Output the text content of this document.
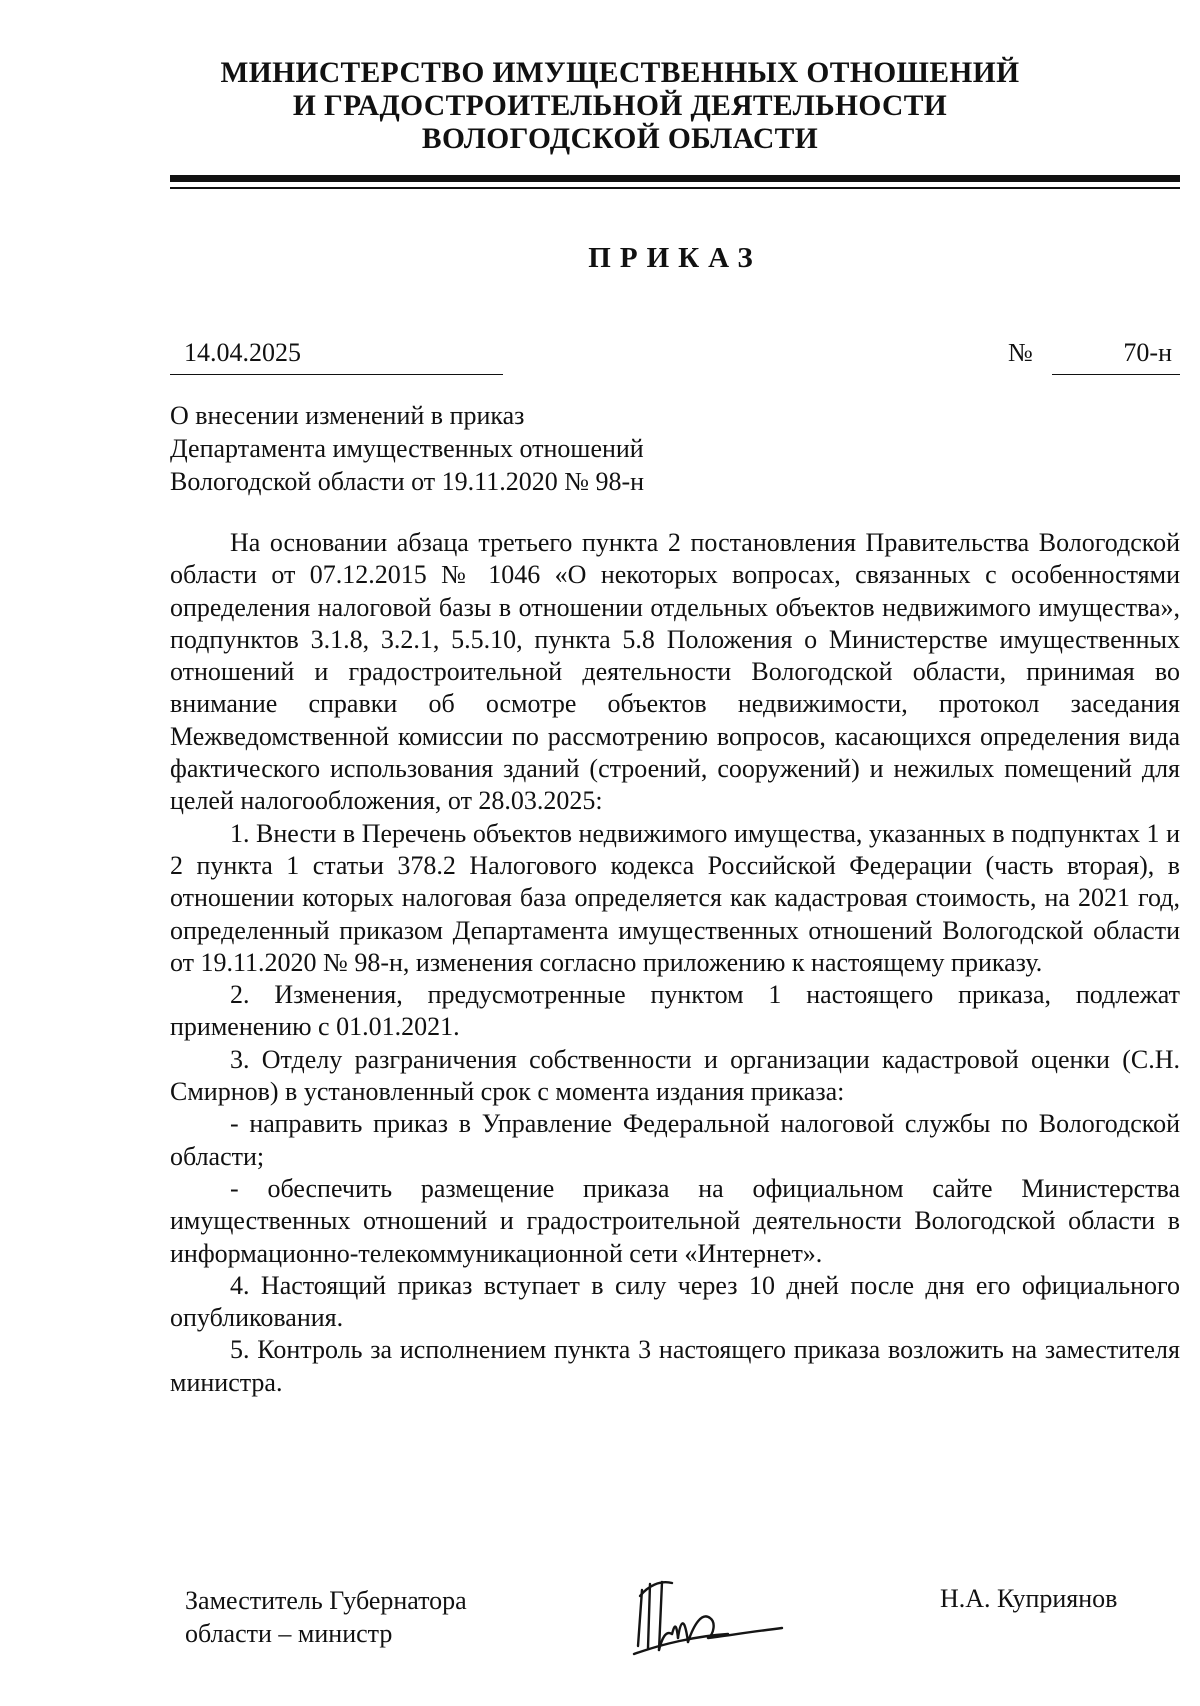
МИНИСТЕРСТВО ИМУЩЕСТВЕННЫХ ОТНОШЕНИЙ
И ГРАДОСТРОИТЕЛЬНОЙ ДЕЯТЕЛЬНОСТИ
ВОЛОГОДСКОЙ ОБЛАСТИ
ПРИКАЗ
14.04.2025	№	70-н
О внесении изменений в приказ
Департамента имущественных отношений
Вологодской области от 19.11.2020 № 98-н

На основании абзаца третьего пункта 2 постановления Правительства Вологодской области от 07.12.2015 № 1046 «О некоторых вопросах, связанных с особенностями определения налоговой базы в отношении отдельных объектов недвижимого имущества», подпунктов 3.1.8, 3.2.1, 5.5.10, пункта 5.8 Положения о Министерстве имущественных отношений и градостроительной деятельности Вологодской области, принимая во внимание справки об осмотре объектов недвижимости, протокол заседания Межведомственной комиссии по рассмотрению вопросов, касающихся определения вида фактического использования зданий (строений, сооружений) и нежилых помещений для целей налогообложения, от 28.03.2025:

1. Внести в Перечень объектов недвижимого имущества, указанных в подпунктах 1 и 2 пункта 1 статьи 378.2 Налогового кодекса Российской Федерации (часть вторая), в отношении которых налоговая база определяется как кадастровая стоимость, на 2021 год, определенный приказом Департамента имущественных отношений Вологодской области от 19.11.2020 № 98-н, изменения согласно приложению к настоящему приказу.

2. Изменения, предусмотренные пунктом 1 настоящего приказа, подлежат применению с 01.01.2021.

3. Отделу разграничения собственности и организации кадастровой оценки (С.Н. Смирнов) в установленный срок с момента издания приказа:

- направить приказ в Управление Федеральной налоговой службы по Вологодской области;

- обеспечить размещение приказа на официальном сайте Министерства имущественных отношений и градостроительной деятельности Вологодской области в информационно-телекоммуникационной сети «Интернет».

4. Настоящий приказ вступает в силу через 10 дней после дня его официального опубликования.

5. Контроль за исполнением пункта 3 настоящего приказа возложить на заместителя министра.

Заместитель Губернатора
области – министр
Н.А. Куприянов
